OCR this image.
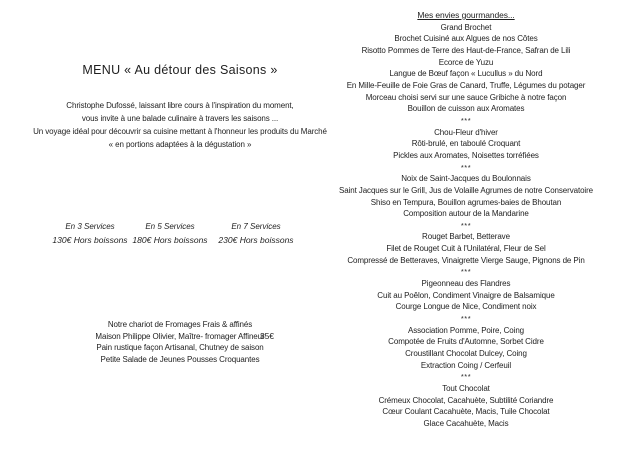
MENU « Au détour des Saisons »
Christophe Dufossé, laissant libre cours à l'inspiration du moment,
vous invite à une balade culinaire à travers les saisons ...
Un voyage idéal pour découvrir sa cuisine mettant à l'honneur les produits du Marché
« en portions adaptées à la dégustation »
En 3 Services
130€ Hors boissons
En 5 Services
180€ Hors boissons
En 7 Services
230€ Hors boissons
Notre chariot de Fromages Frais & affinés
Maison Philippe Olivier, Maître- fromager Affineur
Pain rustique façon Artisanal, Chutney de saison
Petite Salade de Jeunes Pousses Croquantes
35€
Mes envies gourmandes...
Grand Brochet
Brochet Cuisiné aux Algues de nos Côtes
Risotto Pommes de Terre des Haut-de-France, Safran de Lili
Ecorce de Yuzu
Langue de Bœuf façon « Lucullus » du Nord
En Mille-Feuille de Foie Gras de Canard, Truffe, Légumes du potager
Morceau choisi servi sur une sauce Gribiche à notre façon
Bouillon de cuisson aux Aromates
***
Chou-Fleur d'hiver
Rôti-brulé, en taboulé Croquant
Pickles aux Aromates, Noisettes torréfiées
***
Noix de Saint-Jacques du Boulonnais
Saint Jacques sur le Grill, Jus de Volaille Agrumes de notre Conservatoire
Shiso en Tempura, Bouillon agrumes-baies de Bhoutan
Composition autour de la Mandarine
***
Rouget Barbet, Betterave
Filet de Rouget Cuit à l'Unilatéral, Fleur de Sel
Compressé de Betteraves, Vinaigrette Vierge Sauge, Pignons de Pin
***
Pigeonneau des Flandres
Cuit au Poêlon, Condiment Vinaigre de Balsamique
Courge Longue de Nice, Condiment noix
***
Association Pomme, Poire, Coing
Compotée de Fruits d'Automne, Sorbet Cidre
Croustillant Chocolat Dulcey, Coing
Extraction Coing / Cerfeuil
***
Tout Chocolat
Crémeux Chocolat, Cacahuète, Subtilité Coriandre
Cœur Coulant Cacahuète, Macis, Tuile Chocolat
Glace Cacahuète, Macis
